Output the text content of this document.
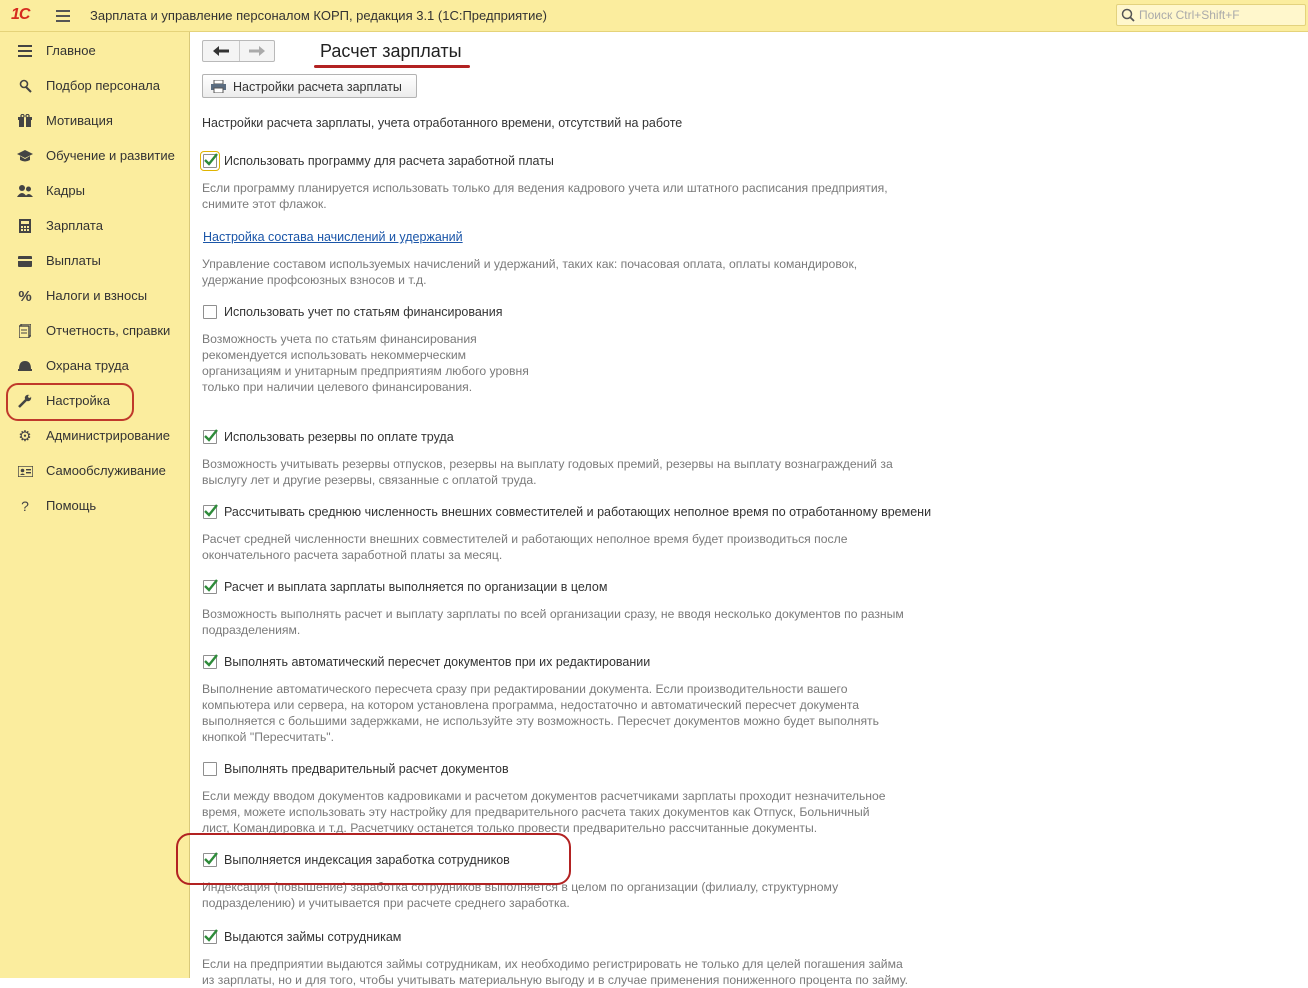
1С	Зарплата и управление персоналом КОРП, редакция 3.1 (1С:Предприятие)
Поиск Ctrl+Shift+F
Главное
Подбор персонала
Мотивация
Обучение и развитие
Кадры
Зарплата
Выплаты
% Налоги и взносы
Отчетность, справки
Охрана труда
Настройка
⚙ Администрирование
Самообслуживание
?	Помощь
Расчет зарплаты
Настройки расчета зарплаты
Настройки расчета зарплаты, учета отработанного времени, отсутствий на работе
Использовать программу для расчета заработной платы
Если программу планируется использовать только для ведения кадрового учета или штатного расписания предприятия,
снимите этот флажок.
Настройка состава начислений и удержаний
Управление составом используемых начислений и удержаний, таких как: почасовая оплата, оплаты командировок,
удержание профсоюзных взносов и т.д.
Использовать учет по статьям финансирования
Возможность учета по статьям финансирования
рекомендуется использовать некоммерческим
организациям и унитарным предприятиям любого уровня
только при наличии целевого финансирования.
Использовать резервы по оплате труда
Возможность учитывать резервы отпусков, резервы на выплату годовых премий, резервы на выплату вознаграждений за
выслугу лет и другие резервы, связанные с оплатой труда.
Рассчитывать среднюю численность внешних совместителей и работающих неполное время по отработанному времени
Расчет средней численности внешних совместителей и работающих неполное время будет производиться после
окончательного расчета заработной платы за месяц.
Расчет и выплата зарплаты выполняется по организации в целом
Возможность выполнять расчет и выплату зарплаты по всей организации сразу, не вводя несколько документов по разным
подразделениям.
Выполнять автоматический пересчет документов при их редактировании
Выполнение автоматического пересчета сразу при редактировании документа. Если производительности вашего
компьютера или сервера, на котором установлена программа, недостаточно и автоматический пересчет документа
выполняется с большими задержками, не используйте эту возможность. Пересчет документов можно будет выполнять
кнопкой "Пересчитать".
Выполнять предварительный расчет документов
Если между вводом документов кадровиками и расчетом документов расчетчиками зарплаты проходит незначительное
время, можете использовать эту настройку для предварительного расчета таких документов как Отпуск, Больничный
лист, Командировка и т.д. Расчетчику останется только провести предварительно рассчитанные документы.
Выполняется индексация заработка сотрудников
Индексация (повышение) заработка сотрудников выполняется в целом по организации (филиалу, структурному
подразделению) и учитывается при расчете среднего заработка.
Выдаются займы сотрудникам
Если на предприятии выдаются займы сотрудникам, их необходимо регистрировать не только для целей погашения займа
из зарплаты, но и для того, чтобы учитывать материальную выгоду и в случае применения пониженного процента по займу.
